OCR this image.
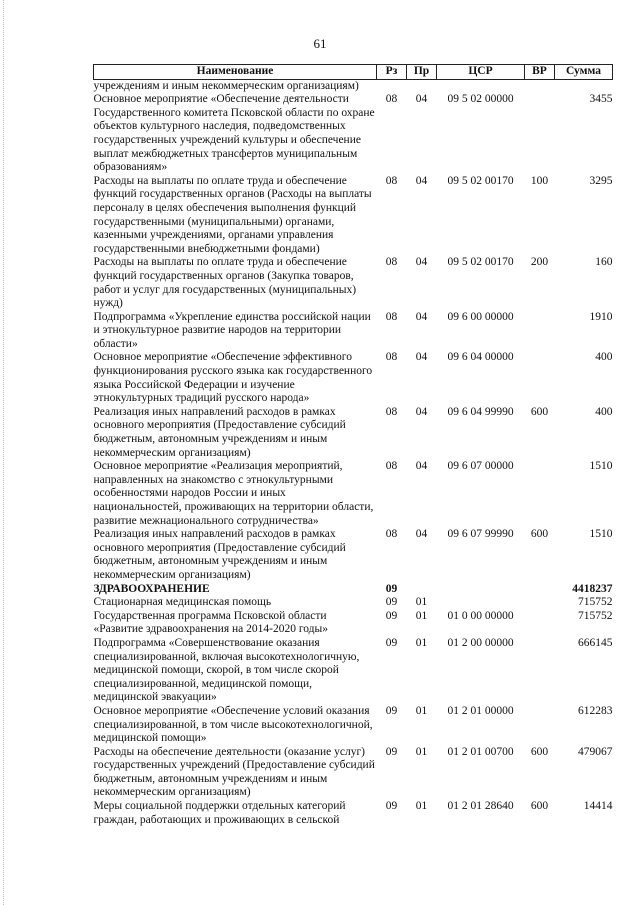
61
Наименование	Рз	Пр	ЦСР	ВР	Сумма
учреждениям и иным некоммерческим организациям)					
Основное мероприятие «Обеспечение деятельности Государственного комитета Псковской области по охране объектов культурного наследия, подведомственных государственных учреждений культуры и обеспечение выплат межбюджетных трансфертов муниципальным образованиям»	08	04	09 5 02 00000		3455
Расходы на выплаты по оплате труда и обеспечение функций государственных органов (Расходы на выплаты персоналу в целях обеспечения выполнения функций государственными (муниципальными) органами, казенными учреждениями, органами управления государственными внебюджетными фондами)	08	04	09 5 02 00170	100	3295
Расходы на выплаты по оплате труда и обеспечение функций государственных органов (Закупка товаров, работ и услуг для государственных (муниципальных) нужд)	08	04	09 5 02 00170	200	160
Подпрограмма «Укрепление единства российской нации и этнокультурное развитие народов на территории области»	08	04	09 6 00 00000		1910
Основное мероприятие «Обеспечение эффективного функционирования русского языка как государственного языка Российской Федерации и изучение этнокультурных традиций русского народа»	08	04	09 6 04 00000		400
Реализация иных направлений расходов в рамках основного мероприятия (Предоставление субсидий бюджетным, автономным учреждениям и иным некоммерческим организациям)	08	04	09 6 04 99990	600	400
Основное мероприятие «Реализация мероприятий, направленных на знакомство с этнокультурными особенностями народов России и иных национальностей, проживающих на территории области, развитие межнационального сотрудничества»	08	04	09 6 07 00000		1510
Реализация иных направлений расходов в рамках основного мероприятия (Предоставление субсидий бюджетным, автономным учреждениям и иным некоммерческим организациям)	08	04	09 6 07 99990	600	1510
ЗДРАВООХРАНЕНИЕ	09				4418237
Стационарная медицинская помощь	09	01			715752
Государственная программа Псковской области «Развитие здравоохранения на 2014-2020 годы»	09	01	01 0 00 00000		715752
Подпрограмма «Совершенствование оказания специализированной, включая высокотехнологичную, медицинской помощи, скорой, в том числе скорой специализированной, медицинской помощи, медицинской эвакуации»	09	01	01 2 00 00000		666145
Основное мероприятие «Обеспечение условий оказания специализированной, в том числе высокотехнологичной, медицинской помощи»	09	01	01 2 01 00000		612283
Расходы на обеспечение деятельности (оказание услуг) государственных учреждений (Предоставление субсидий бюджетным, автономным учреждениям и иным некоммерческим организациям)	09	01	01 2 01 00700	600	479067
Меры социальной поддержки отдельных категорий граждан, работающих и проживающих в сельской	09	01	01 2 01 28640	600	14414
